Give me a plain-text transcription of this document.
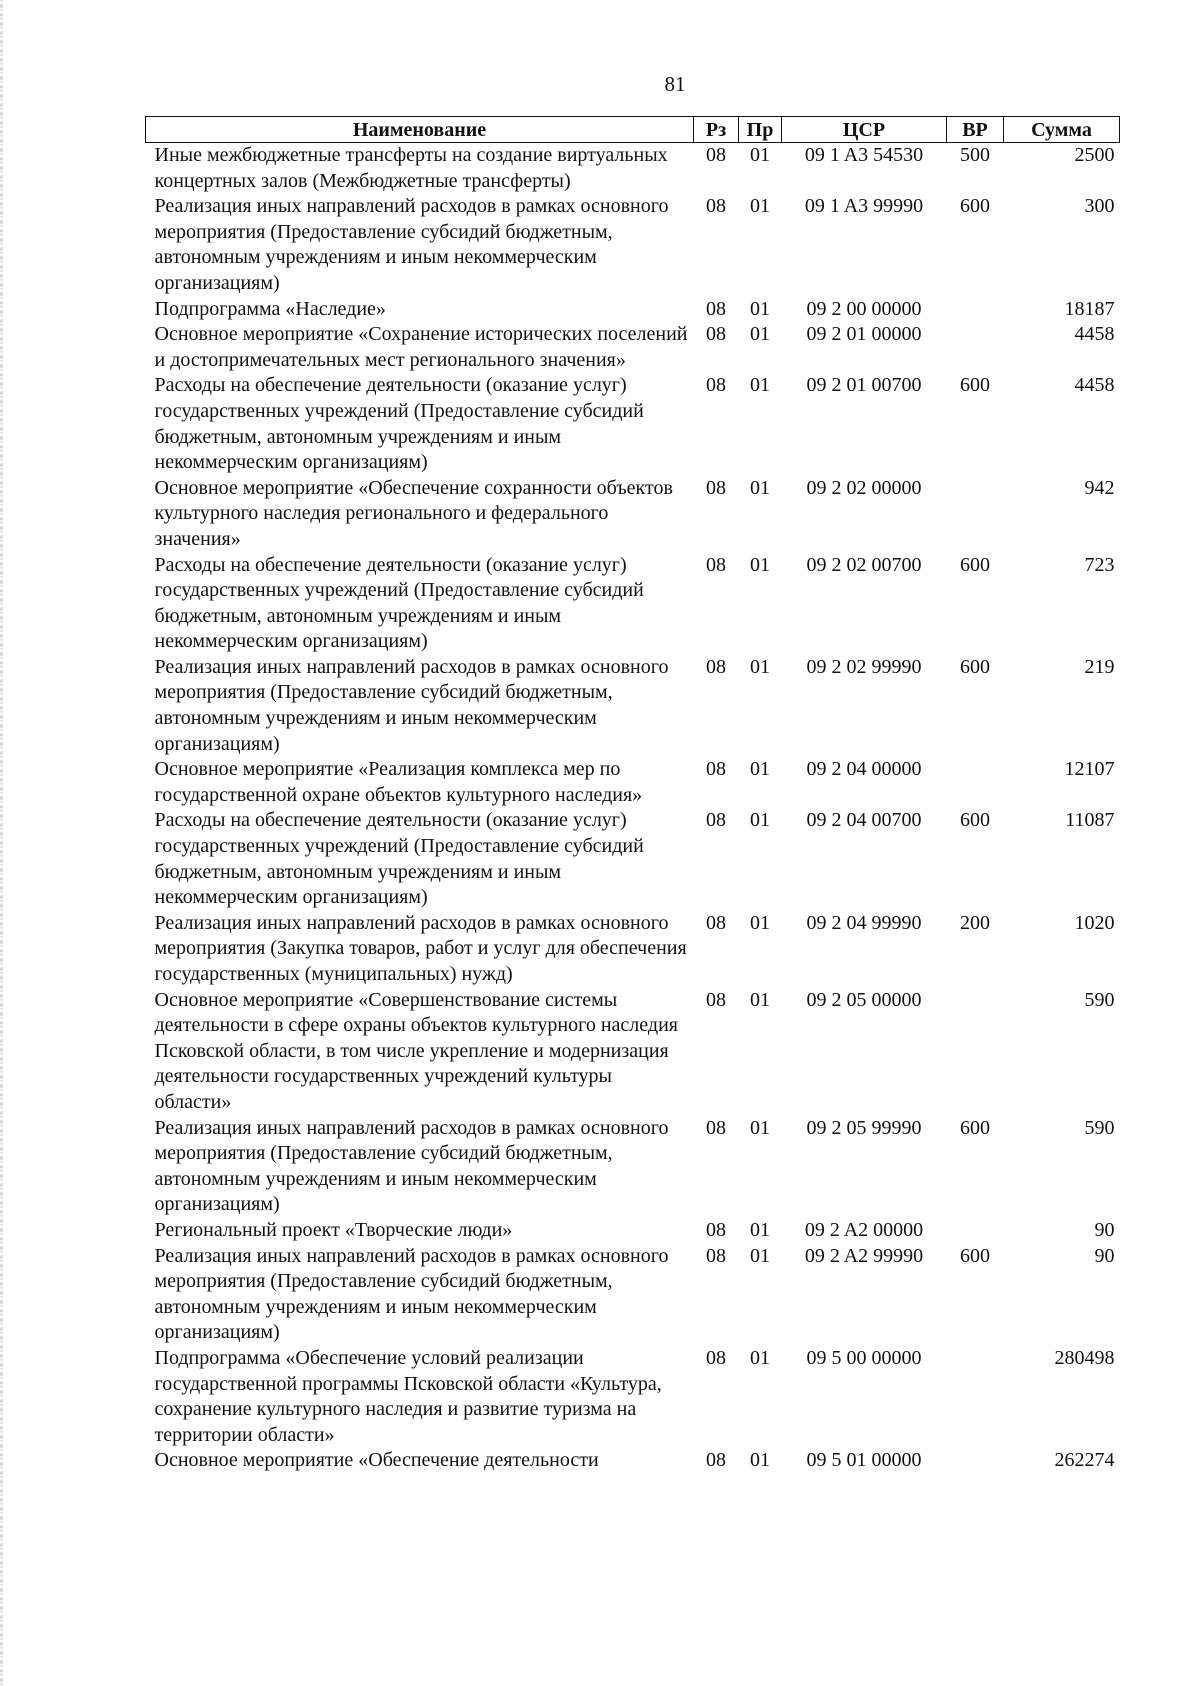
81
Наименование	Рз	Пр	ЦСР	ВР	Сумма
Иные межбюджетные трансферты на создание виртуальных концертных залов (Межбюджетные трансферты)	08	01	09 1 A3 54530	500	2500
Реализация иных направлений расходов в рамках основного мероприятия (Предоставление субсидий бюджетным, автономным учреждениям и иным некоммерческим организациям)	08	01	09 1 A3 99990	600	300
Подпрограмма «Наследие»	08	01	09 2 00 00000		18187
Основное мероприятие «Сохранение исторических поселений и достопримечательных мест регионального значения»	08	01	09 2 01 00000		4458
Расходы на обеспечение деятельности (оказание услуг) государственных учреждений (Предоставление субсидий бюджетным, автономным учреждениям и иным некоммерческим организациям)	08	01	09 2 01 00700	600	4458
Основное мероприятие «Обеспечение сохранности объектов культурного наследия регионального и федерального значения»	08	01	09 2 02 00000		942
Расходы на обеспечение деятельности (оказание услуг) государственных учреждений (Предоставление субсидий бюджетным, автономным учреждениям и иным некоммерческим организациям)	08	01	09 2 02 00700	600	723
Реализация иных направлений расходов в рамках основного мероприятия (Предоставление субсидий бюджетным, автономным учреждениям и иным некоммерческим организациям)	08	01	09 2 02 99990	600	219
Основное мероприятие «Реализация комплекса мер по государственной охране объектов культурного наследия»	08	01	09 2 04 00000		12107
Расходы на обеспечение деятельности (оказание услуг) государственных учреждений (Предоставление субсидий бюджетным, автономным учреждениям и иным некоммерческим организациям)	08	01	09 2 04 00700	600	11087
Реализация иных направлений расходов в рамках основного мероприятия (Закупка товаров, работ и услуг для обеспечения государственных (муниципальных) нужд)	08	01	09 2 04 99990	200	1020
Основное мероприятие «Совершенствование системы деятельности в сфере охраны объектов культурного наследия Псковской области, в том числе укрепление и модернизация деятельности государственных учреждений культуры области»	08	01	09 2 05 00000		590
Реализация иных направлений расходов в рамках основного мероприятия (Предоставление субсидий бюджетным, автономным учреждениям и иным некоммерческим организациям)	08	01	09 2 05 99990	600	590
Региональный проект «Творческие люди»	08	01	09 2 A2 00000		90
Реализация иных направлений расходов в рамках основного мероприятия (Предоставление субсидий бюджетным, автономным учреждениям и иным некоммерческим организациям)	08	01	09 2 A2 99990	600	90
Подпрограмма «Обеспечение условий реализации государственной программы Псковской области «Культура, сохранение культурного наследия и развитие туризма на территории области»	08	01	09 5 00 00000		280498
Основное мероприятие «Обеспечение деятельности	08	01	09 5 01 00000		262274
